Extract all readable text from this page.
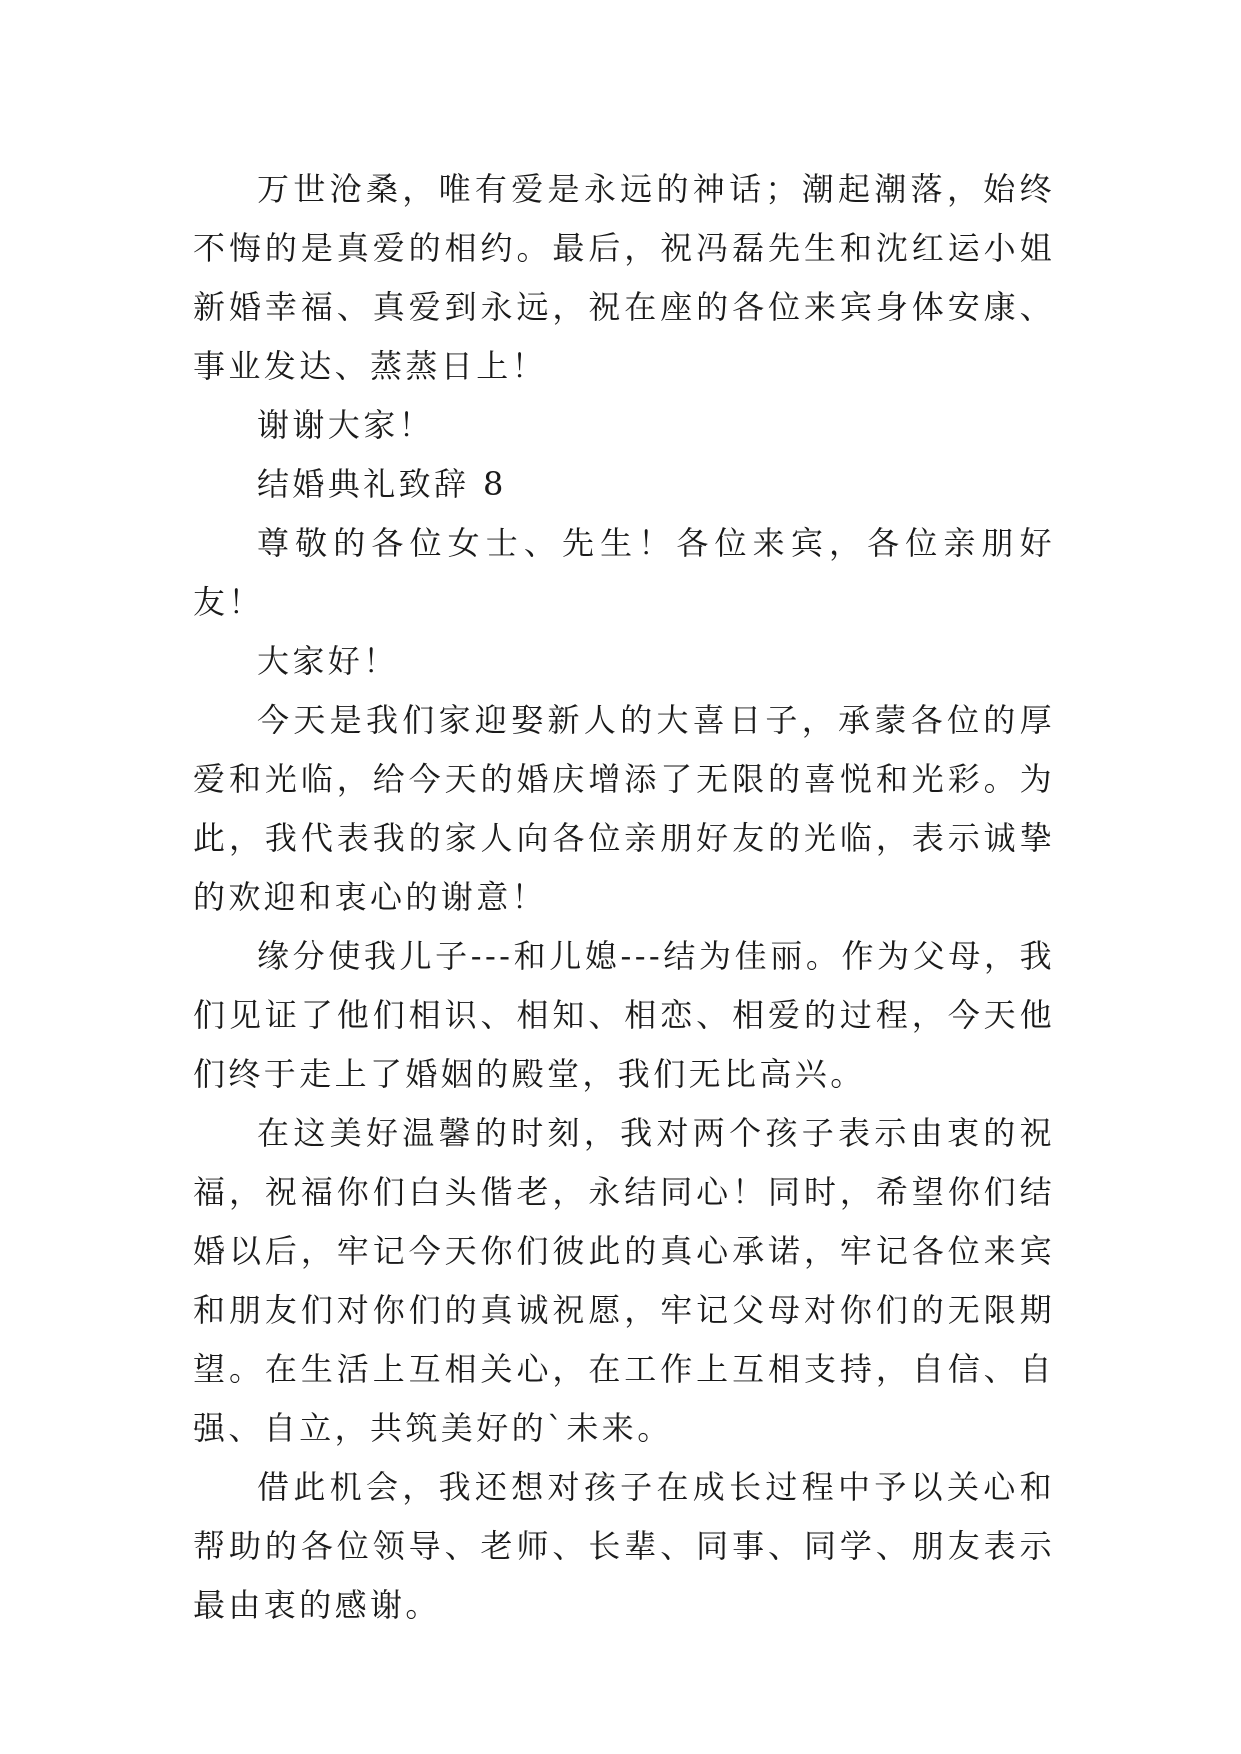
万世沧桑，唯有爱是永远的神话；潮起潮落，始终不悔的是真爱的相约。最后，祝冯磊先生和沈红运小姐新婚幸福、真爱到永远，祝在座的各位来宾身体安康、事业发达、蒸蒸日上！

谢谢大家！

结婚典礼致辞 8

尊敬的各位女士、先生！各位来宾，各位亲朋好友！

大家好！

今天是我们家迎娶新人的大喜日子，承蒙各位的厚爱和光临，给今天的婚庆增添了无限的喜悦和光彩。为此，我代表我的家人向各位亲朋好友的光临，表示诚挚的欢迎和衷心的谢意！

缘分使我儿子---和儿媳---结为佳丽。作为父母，我们见证了他们相识、相知、相恋、相爱的过程，今天他们终于走上了婚姻的殿堂，我们无比高兴。

在这美好温馨的时刻，我对两个孩子表示由衷的祝福，祝福你们白头偕老，永结同心！同时，希望你们结婚以后，牢记今天你们彼此的真心承诺，牢记各位来宾和朋友们对你们的真诚祝愿，牢记父母对你们的无限期望。在生活上互相关心，在工作上互相支持，自信、自强、自立，共筑美好的`未来。

借此机会，我还想对孩子在成长过程中予以关心和帮助的各位领导、老师、长辈、同事、同学、朋友表示最由衷的感谢。
